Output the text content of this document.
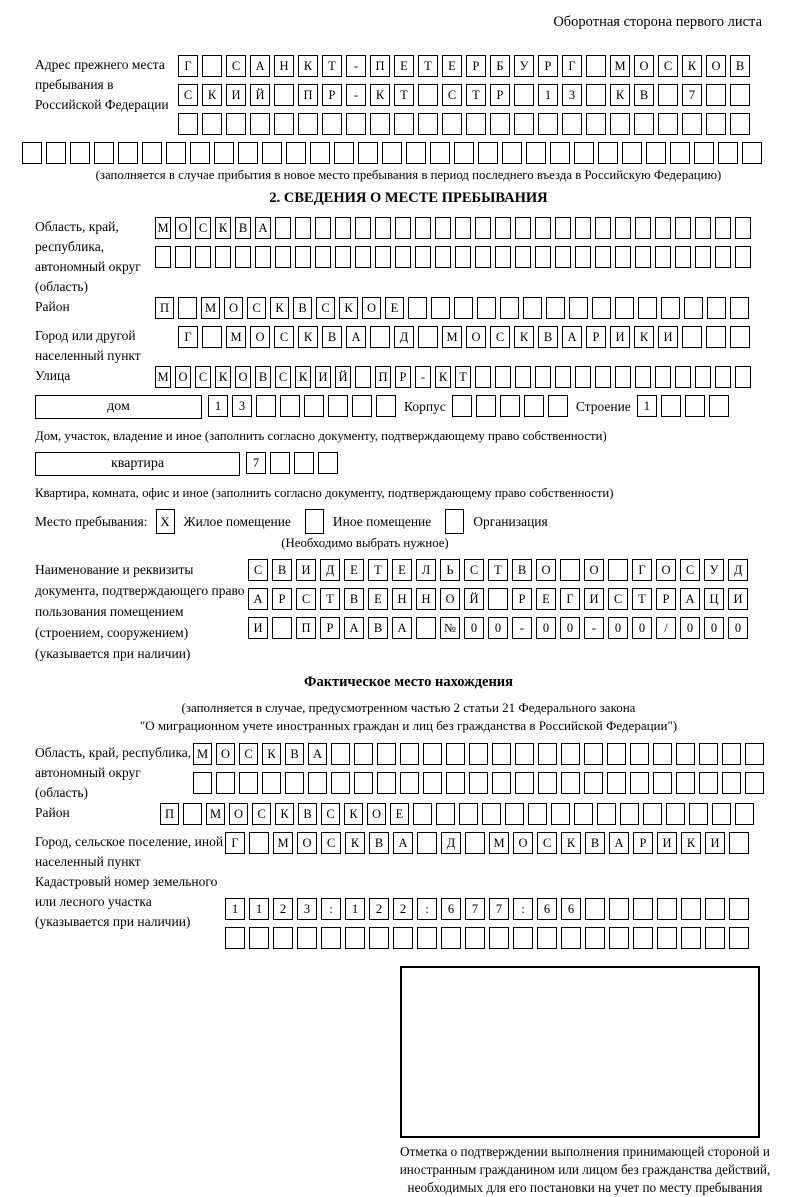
Оборотная сторона первого листа
Адрес прежнего места пребывания в Российской Федерации
Г	С А Н К Т - П Е Т Е Р Б У Р Г	М О С К О В
С К И Й	П Р - К Т	С Т Р	1 3	К В	7
(заполняется в случае прибытия в новое место пребывания в период последнего въезда в Российскую Федерацию)
2. СВЕДЕНИЯ О МЕСТЕ ПРЕБЫВАНИЯ
Область, край, республика, автономный округ (область)
М О С К В А
Район	П	М О С К В С К О Е
Город или другой населенный пункт
Г	М О С К В А	Д	М О С К В А Р И К И
Улица	М О С К О В С К И Й П Р - К Т
дом	1 3	Корпус	Строение	1
Дом, участок, владение и иное (заполнить согласно документу, подтверждающему право собственности)
квартира	7
Квартира, комната, офис и иное (заполнить согласно документу, подтверждающему право собственности)
Место пребывания: X	Жилое помещение	Иное помещение	Организация
(Необходимо выбрать нужное)
Наименование и реквизиты документа, подтверждающего право пользования помещением (строением, сооружением) (указывается при наличии)
С В И Д Е Т Е Л Ь С Т В О	О	Г О С У Д
А Р С Т В Е Н Н О Й	Р Е Г И С Т Р А Ц И
И	П Р А В А	№ 0 0 - 0 0 - 0 0 / 0 0 0
Фактическое место нахождения
(заполняется в случае, предусмотренном частью 2 статьи 21 Федерального закона
"О миграционном учете иностранных граждан и лиц без гражданства в Российской Федерации")
Область, край, республика, автономный округ (область)
М О С К В А
Район	П	М О С К В С К О Е
Город, сельское поселение, иной населенный пункт
Г	М О С К В А	Д	М О С К В А Р И К И
Кадастровый номер земельного или лесного участка (указывается при наличии)
1 1 2 3 : 1 2 2 : 6 7 7 : 6 6
Отметка о подтверждении выполнения принимающей стороной и иностранным гражданином или лицом без гражданства действий, необходимых для его постановки на учет по месту пребывания
